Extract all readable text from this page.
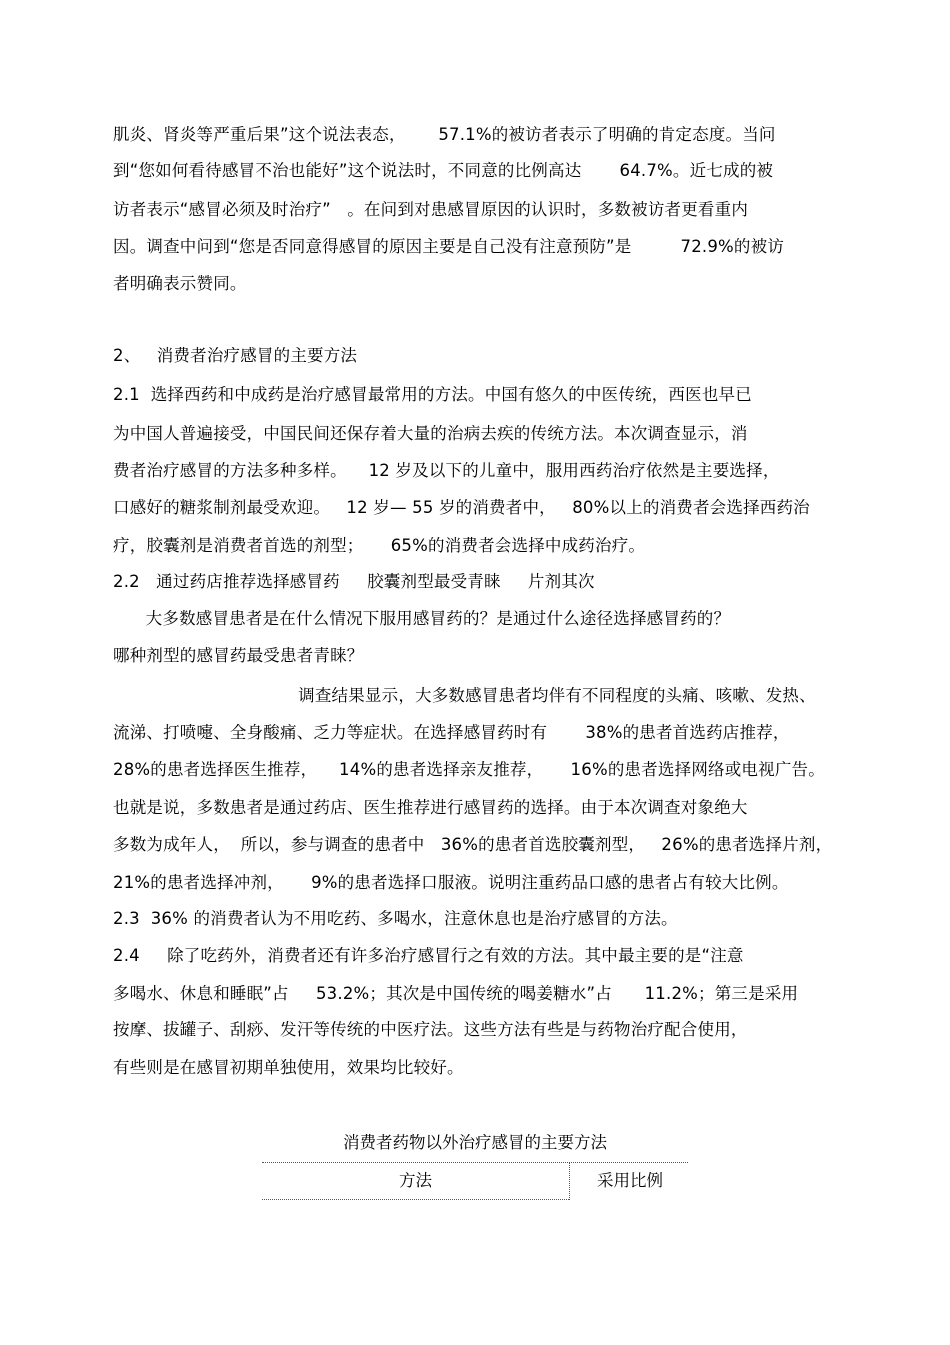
肌炎、肾炎等严重后果”这个说法表态，      57.1%的被访者表示了明确的肯定态度。当问
到“您如何看待感冒不治也能好”这个说法时，不同意的比例高达       64.7%。近七成的被
访者表示“感冒必须及时治疗”   。在问到对患感冒原因的认识时，多数被访者更看重内
因。调查中问到“您是否同意得感冒的原因主要是自己没有注意预防”是         72.9%的被访
者明确表示赞同。
2、   消费者治疗感冒的主要方法
2.1  选择西药和中成药是治疗感冒最常用的方法。中国有悠久的中医传统，西医也早已
为中国人普遍接受，中国民间还保存着大量的治病去疾的传统方法。本次调查显示，消
费者治疗感冒的方法多种多样。    12 岁及以下的儿童中，服用西药治疗依然是主要选择，
口感好的糖浆制剂最受欢迎。   12 岁— 55 岁的消费者中，   80%以上的消费者会选择西药治
疗，胶囊剂是消费者首选的剂型；     65%的消费者会选择中成药治疗。
2.2   通过药店推荐选择感冒药     胶囊剂型最受青睐     片剂其次
大多数感冒患者是在什么情况下服用感冒药的？是通过什么途径选择感冒药的？
哪种剂型的感冒药最受患者青睐？
调查结果显示，大多数感冒患者均伴有不同程度的头痛、咳嗽、发热、
流涕、打喷嚏、全身酸痛、乏力等症状。在选择感冒药时有       38%的患者首选药店推荐，
28%的患者选择医生推荐，    14%的患者选择亲友推荐，     16%的患者选择网络或电视广告。
也就是说，多数患者是通过药店、医生推荐进行感冒药的选择。由于本次调查对象绝大
多数为成年人，  所以，参与调查的患者中   36%的患者首选胶囊剂型，   26%的患者选择片剂，
21%的患者选择冲剂，     9%的患者选择口服液。说明注重药品口感的患者占有较大比例。
2.3  36% 的消费者认为不用吃药、多喝水，注意休息也是治疗感冒的方法。
2.4     除了吃药外，消费者还有许多治疗感冒行之有效的方法。其中最主要的是“注意
多喝水、休息和睡眠”占     53.2%；其次是中国传统的喝姜糖水”占      11.2%；第三是采用
按摩、拔罐子、刮痧、发汗等传统的中医疗法。这些方法有些是与药物治疗配合使用，
有些则是在感冒初期单独使用，效果均比较好。
消费者药物以外治疗感冒的主要方法
方法	采用比例
